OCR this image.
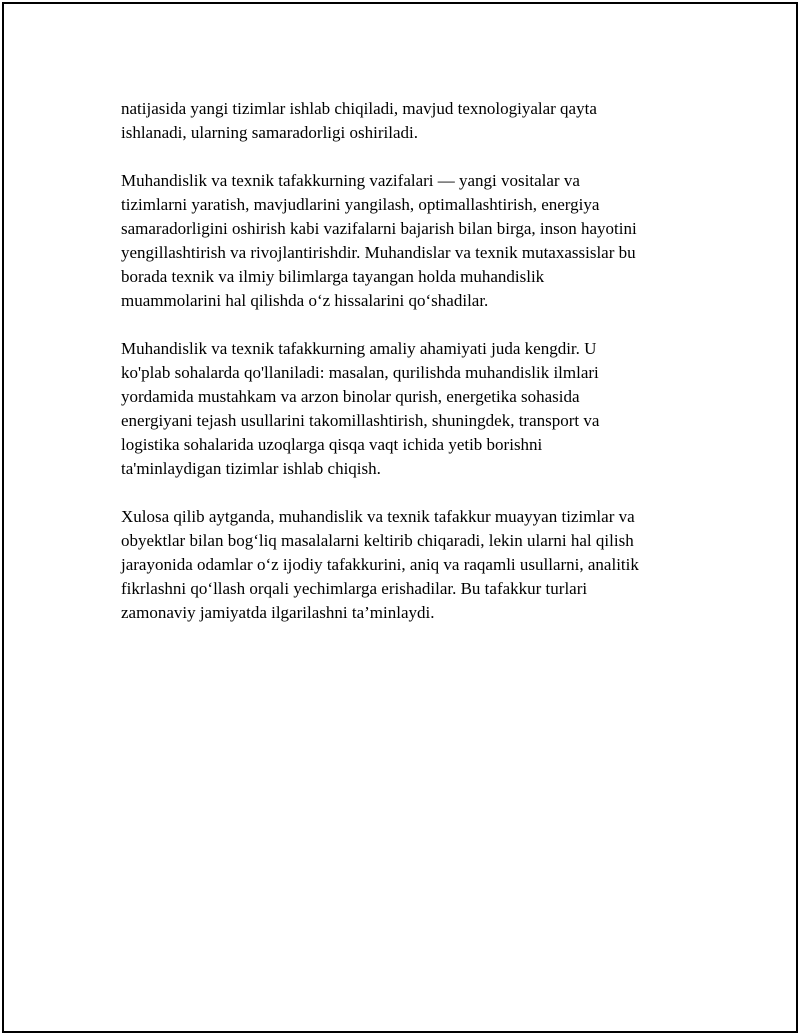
natijasida yangi tizimlar ishlab chiqiladi, mavjud texnologiyalar qayta
ishlanadi, ularning samaradorligi oshiriladi.

Muhandislik va texnik tafakkurning vazifalari — yangi vositalar va
tizimlarni yaratish, mavjudlarini yangilash, optimallashtirish, energiya
samaradorligini oshirish kabi vazifalarni bajarish bilan birga, inson hayotini
yengillashtirish va rivojlantirishdir. Muhandislar va texnik mutaxassislar bu
borada texnik va ilmiy bilimlarga tayangan holda muhandislik
muammolarini hal qilishda o‘z hissalarini qo‘shadilar.

Muhandislik va texnik tafakkurning amaliy ahamiyati juda kengdir. U
ko'plab sohalarda qo'llaniladi: masalan, qurilishda muhandislik ilmlari
yordamida mustahkam va arzon binolar qurish, energetika sohasida
energiyani tejash usullarini takomillashtirish, shuningdek, transport va
logistika sohalarida uzoqlarga qisqa vaqt ichida yetib borishni
ta'minlaydigan tizimlar ishlab chiqish.

Xulosa qilib aytganda, muhandislik va texnik tafakkur muayyan tizimlar va
obyektlar bilan bog‘liq masalalarni keltirib chiqaradi, lekin ularni hal qilish
jarayonida odamlar o‘z ijodiy tafakkurini, aniq va raqamli usullarni, analitik
fikrlashni qo‘llash orqali yechimlarga erishadilar. Bu tafakkur turlari
zamonaviy jamiyatda ilgarilashni ta’minlaydi.
